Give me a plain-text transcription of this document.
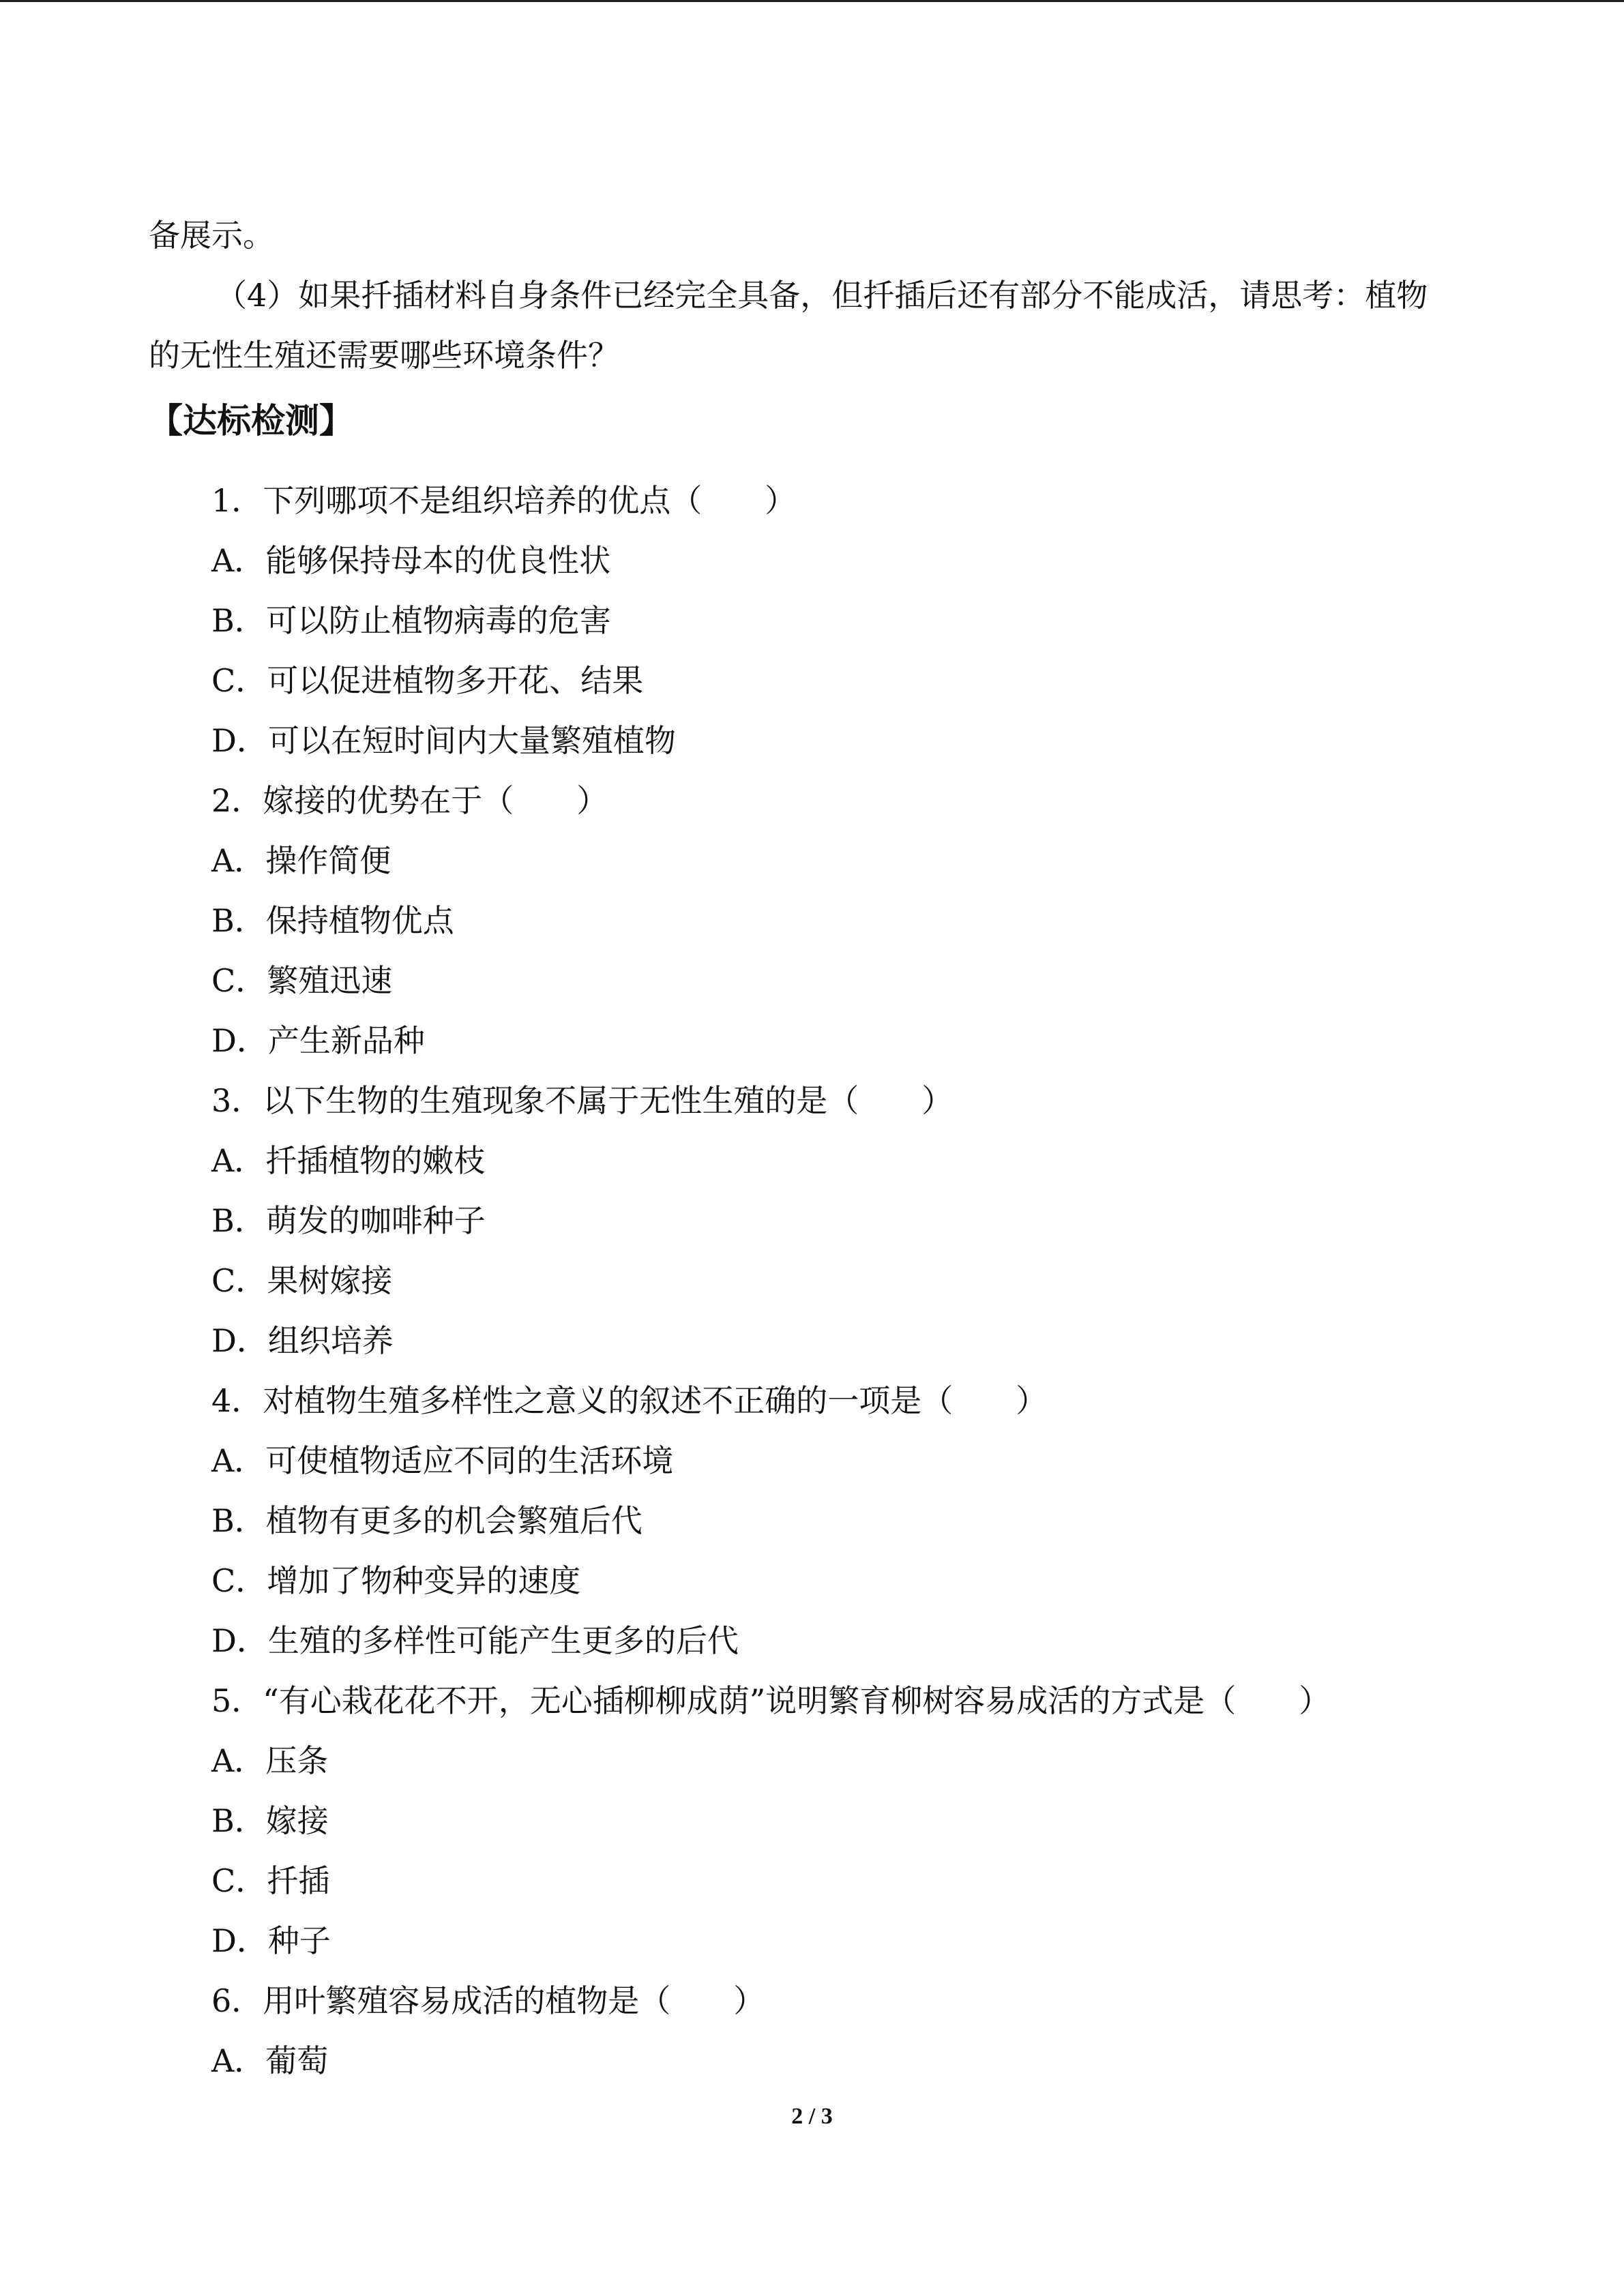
备展示。

（4）如果扦插材料自身条件已经完全具备，但扦插后还有部分不能成活，请思考：植物

的无性生殖还需要哪些环境条件？

【达标检测】

1．下列哪项不是组织培养的优点（　　）

A．能够保持母本的优良性状

B．可以防止植物病毒的危害

C．可以促进植物多开花、结果

D．可以在短时间内大量繁殖植物

2．嫁接的优势在于（　　）

A．操作简便

B．保持植物优点

C．繁殖迅速

D．产生新品种

3．以下生物的生殖现象不属于无性生殖的是（　　）

A．扦插植物的嫩枝

B．萌发的咖啡种子

C．果树嫁接

D．组织培养

4．对植物生殖多样性之意义的叙述不正确的一项是（　　）

A．可使植物适应不同的生活环境

B．植物有更多的机会繁殖后代

C．增加了物种变异的速度

D．生殖的多样性可能产生更多的后代

5．“有心栽花花不开，无心插柳柳成荫”说明繁育柳树容易成活的方式是（　　）

A．压条

B．嫁接

C．扦插

D．种子

6．用叶繁殖容易成活的植物是（　　）

A．葡萄

2 / 3
